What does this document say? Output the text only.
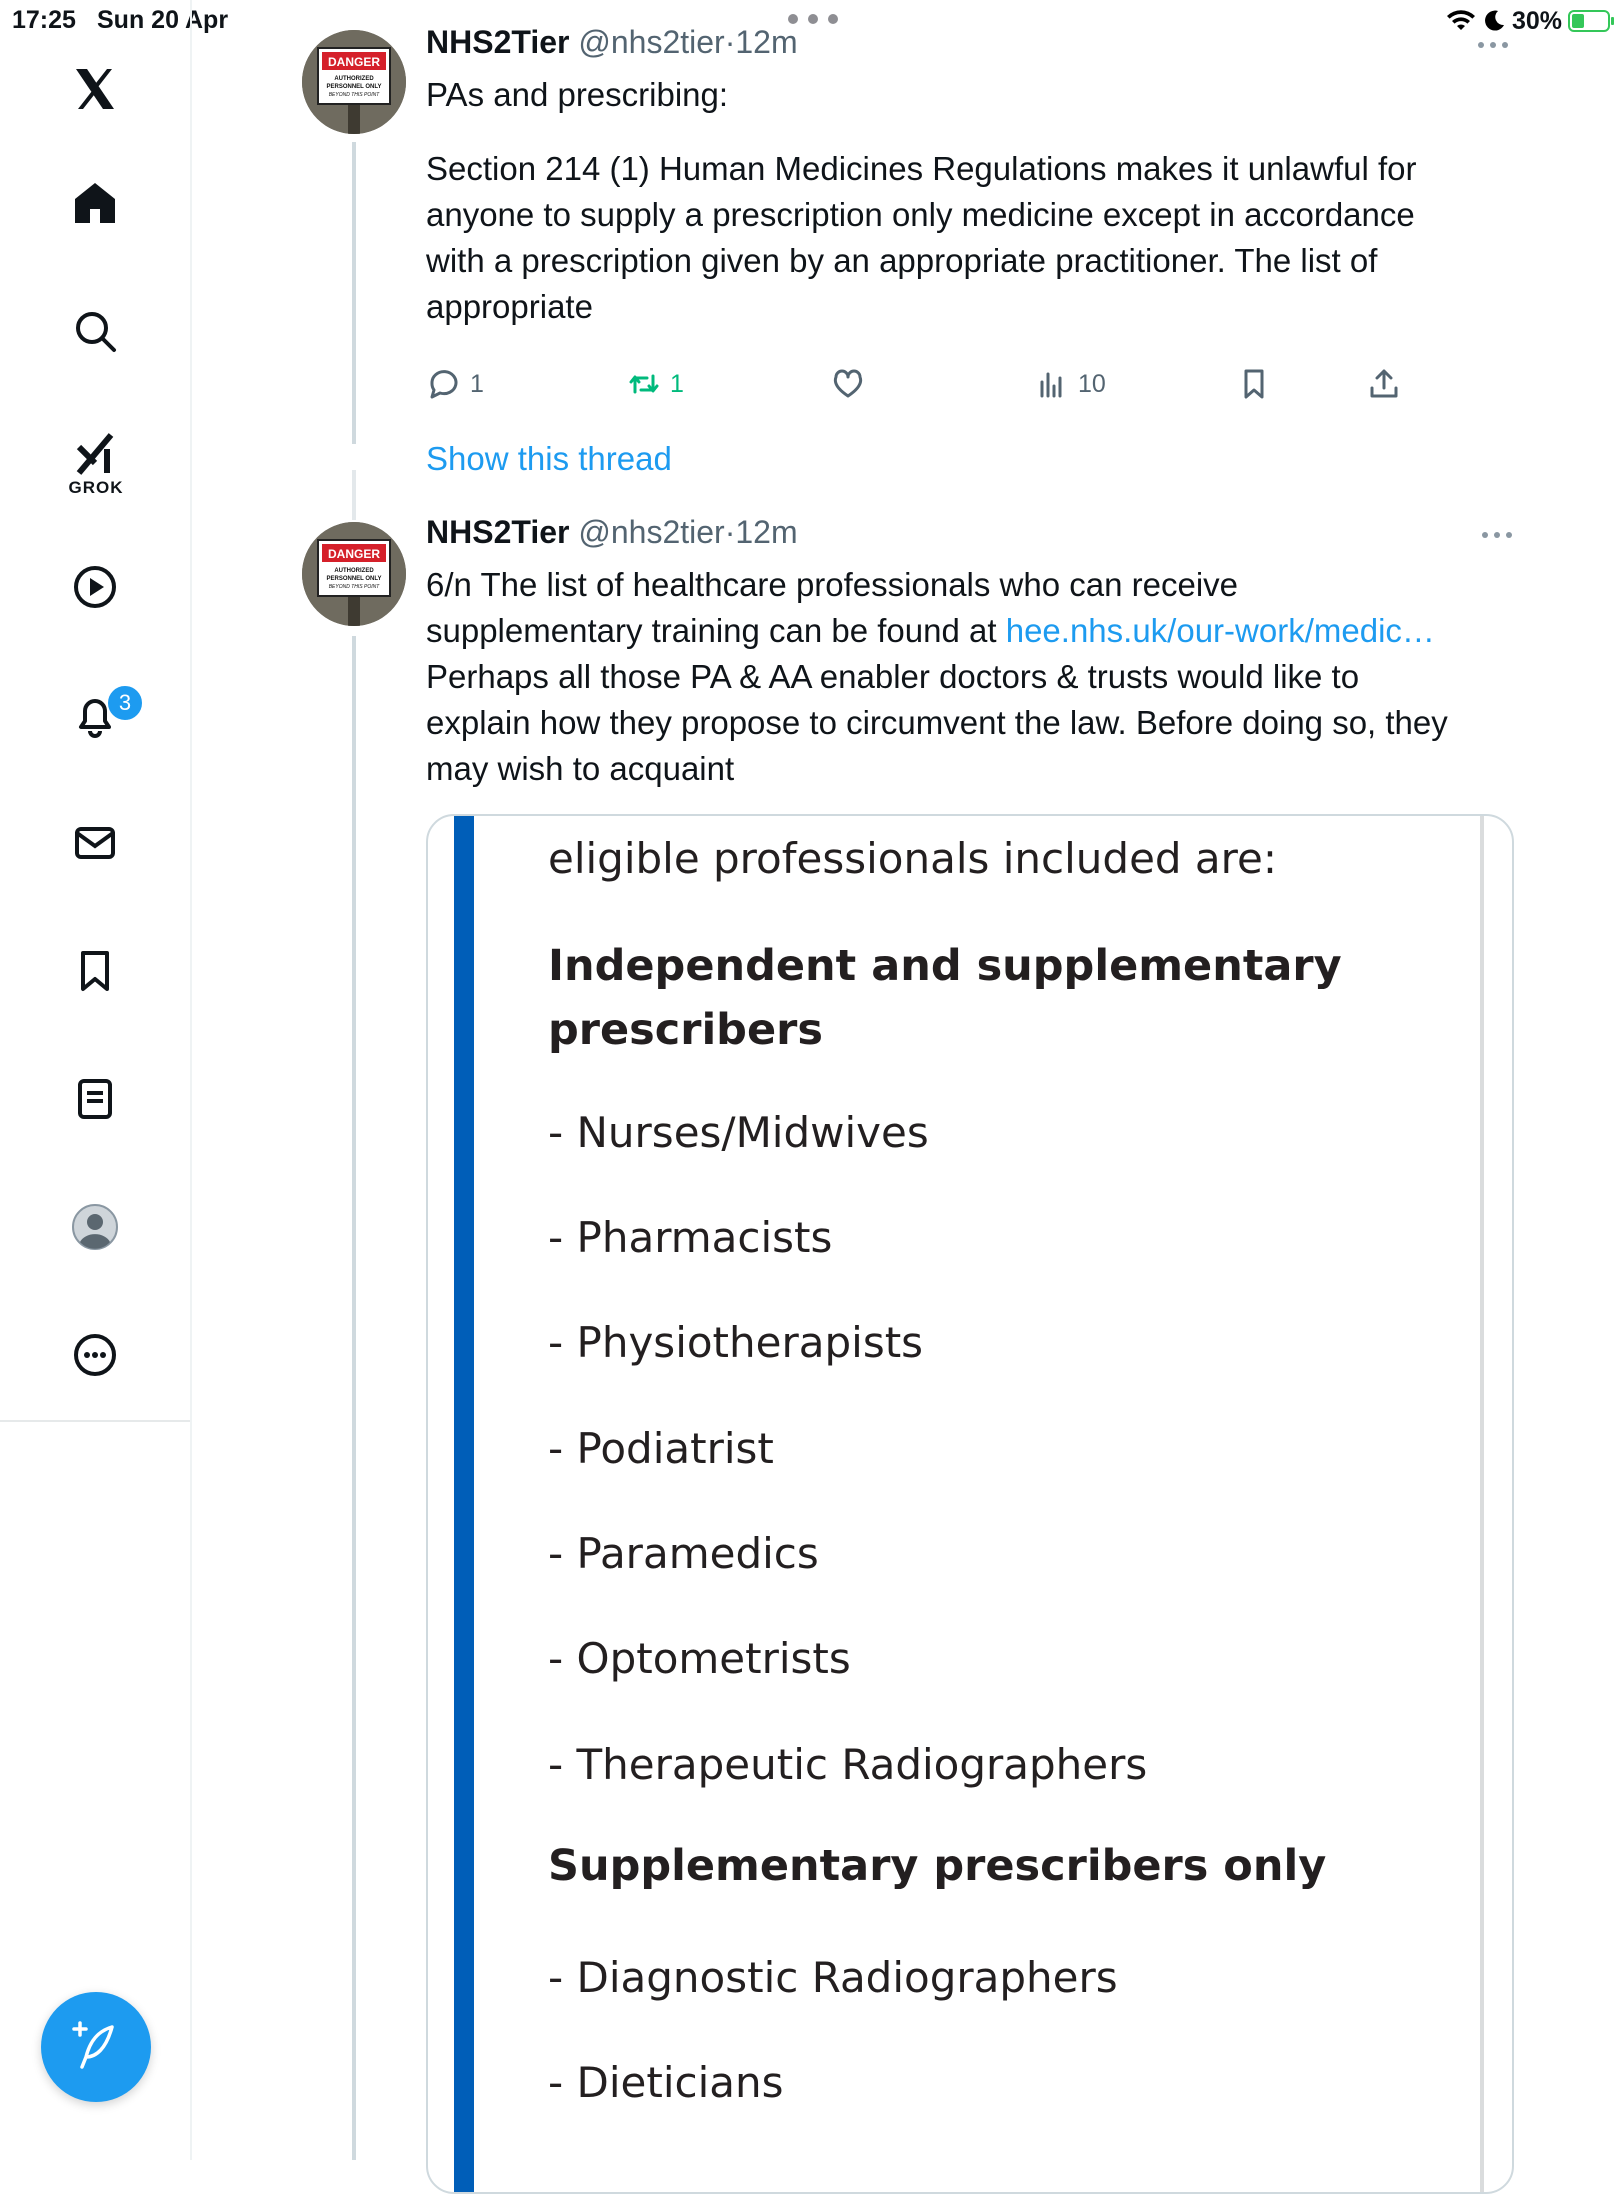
17:25 Sun 20 Apr	30%
GROK
3
DANGER
AUTHORIZED
PERSONNEL ONLY
BEYOND THIS POINT
NHS2Tier @nhs2tier·12m
PAs and prescribing:
Section 214 (1) Human Medicines Regulations makes it unlawful for
anyone to supply a prescription only medicine except in accordance
with a prescription given by an appropriate practitioner. The list of
appropriate
1	1	10
Show this thread
DANGER
AUTHORIZED
PERSONNEL ONLY
BEYOND THIS POINT
NHS2Tier @nhs2tier·12m
6/n The list of healthcare professionals who can receive
supplementary training can be found at hee.nhs.uk/our-work/medic…
Perhaps all those PA & AA enabler doctors & trusts would like to
explain how they propose to circumvent the law. Before doing so, they
may wish to acquaint
eligible professionals included are:
Independent and supplementary prescribers
- Nurses/Midwives
- Pharmacists
- Physiotherapists
- Podiatrist
- Paramedics
- Optometrists
- Therapeutic Radiographers
Supplementary prescribers only
- Diagnostic Radiographers
- Dieticians
